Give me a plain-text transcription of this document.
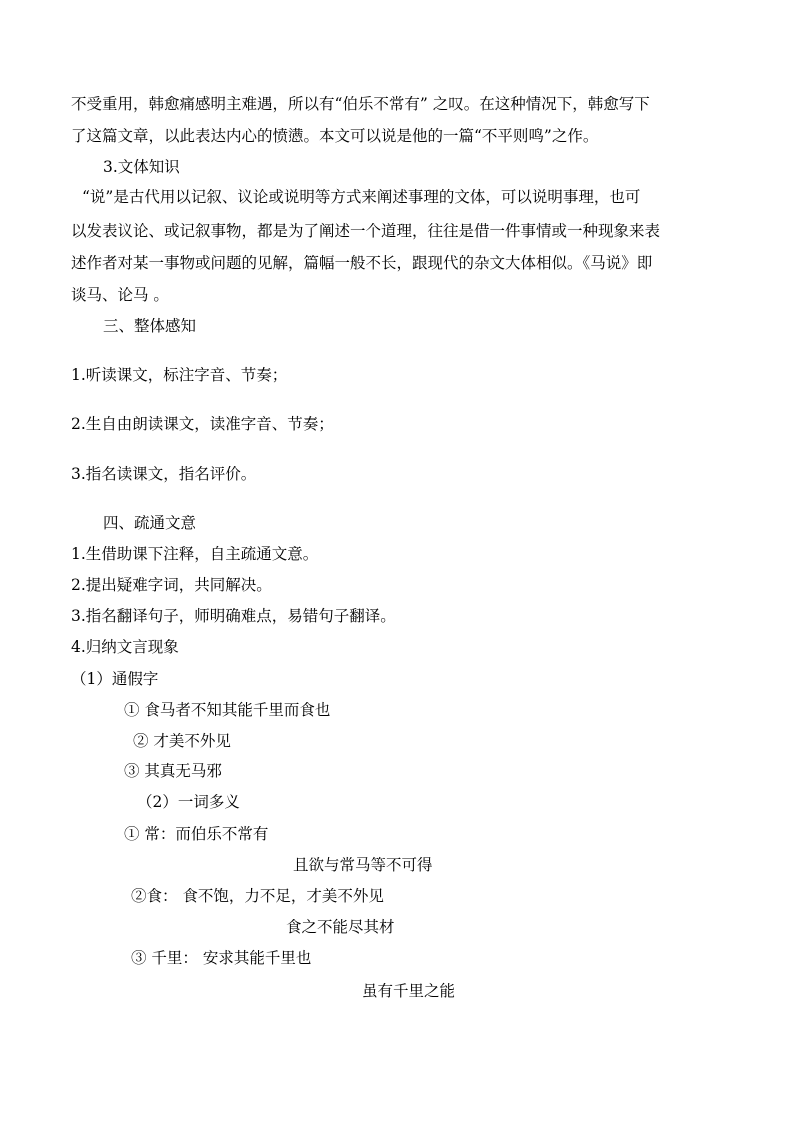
不受重用，韩愈痛感明主难遇，所以有“伯乐不常有” 之叹。在这种情况下，韩愈写下
了这篇文章，以此表达内心的愤懑。本文可以说是他的一篇“不平则鸣”之作。
3.文体知识
“说”是古代用以记叙、议论或说明等方式来阐述事理的文体，可以说明事理，也可
以发表议论、或记叙事物，都是为了阐述一个道理，往往是借一件事情或一种现象来表
述作者对某一事物或问题的见解，篇幅一般不长，跟现代的杂文大体相似。《马说》即
谈马、论马 。
三、整体感知
1.听读课文，标注字音、节奏；
2.生自由朗读课文，读准字音、节奏；
3.指名读课文，指名评价。
四、疏通文意
1.生借助课下注释，自主疏通文意。
2.提出疑难字词，共同解决。
3.指名翻译句子，师明确难点，易错句子翻译。
4.归纳文言现象
（1）通假字
① 食马者不知其能千里而食也
② 才美不外见
③ 其真无马邪
（2）一词多义
① 常：而伯乐不常有
且欲与常马等不可得
②食： 食不饱，力不足，才美不外见
食之不能尽其材
③ 千里： 安求其能千里也
虽有千里之能
